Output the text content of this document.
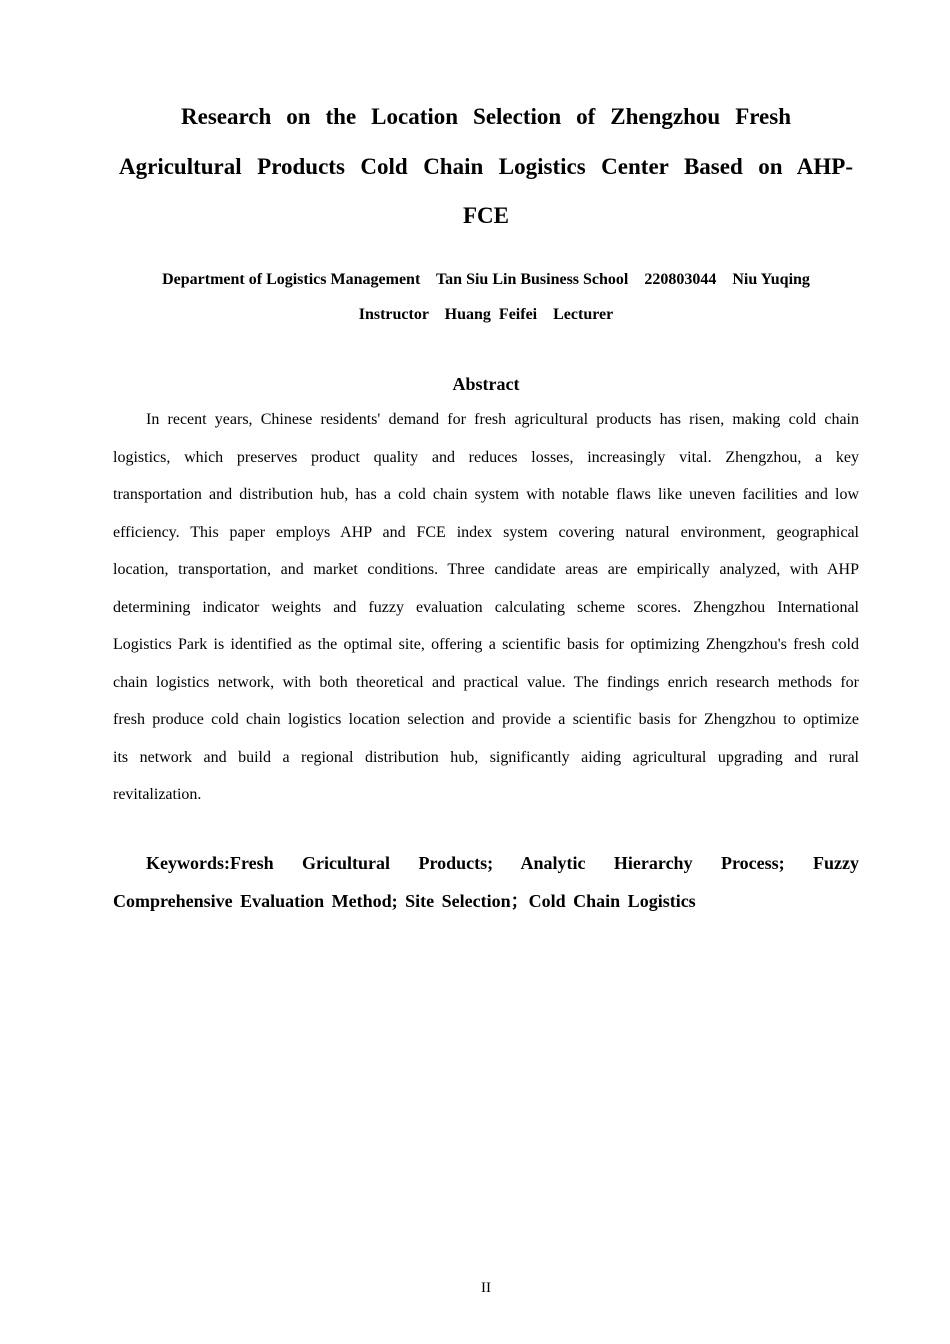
Research on the Location Selection of Zhengzhou Fresh
Agricultural Products Cold Chain Logistics Center Based on AHP-
FCE
Department of Logistics Management    Tan Siu Lin Business School    220803044    Niu Yuqing
Instructor    Huang  Feifei    Lecturer
Abstract

In recent years, Chinese residents' demand for fresh agricultural products has risen, making cold chain logistics, which preserves product quality and reduces losses, increasingly vital. Zhengzhou, a key transportation and distribution hub, has a cold chain system with notable flaws like uneven facilities and low efficiency. This paper employs AHP and FCE index system covering natural environment, geographical location, transportation, and market conditions. Three candidate areas are empirically analyzed, with AHP determining indicator weights and fuzzy evaluation calculating scheme scores. Zhengzhou International Logistics Park is identified as the optimal site, offering a scientific basis for optimizing Zhengzhou's fresh cold chain logistics network, with both theoretical and practical value. The findings enrich research methods for fresh produce cold chain logistics location selection and provide a scientific basis for Zhengzhou to optimize its network and build a regional distribution hub, significantly aiding agricultural upgrading and rural revitalization.

Keywords:Fresh Gricultural Products; Analytic Hierarchy Process; Fuzzy Comprehensive Evaluation Method; Site Selection；Cold Chain Logistics

II
